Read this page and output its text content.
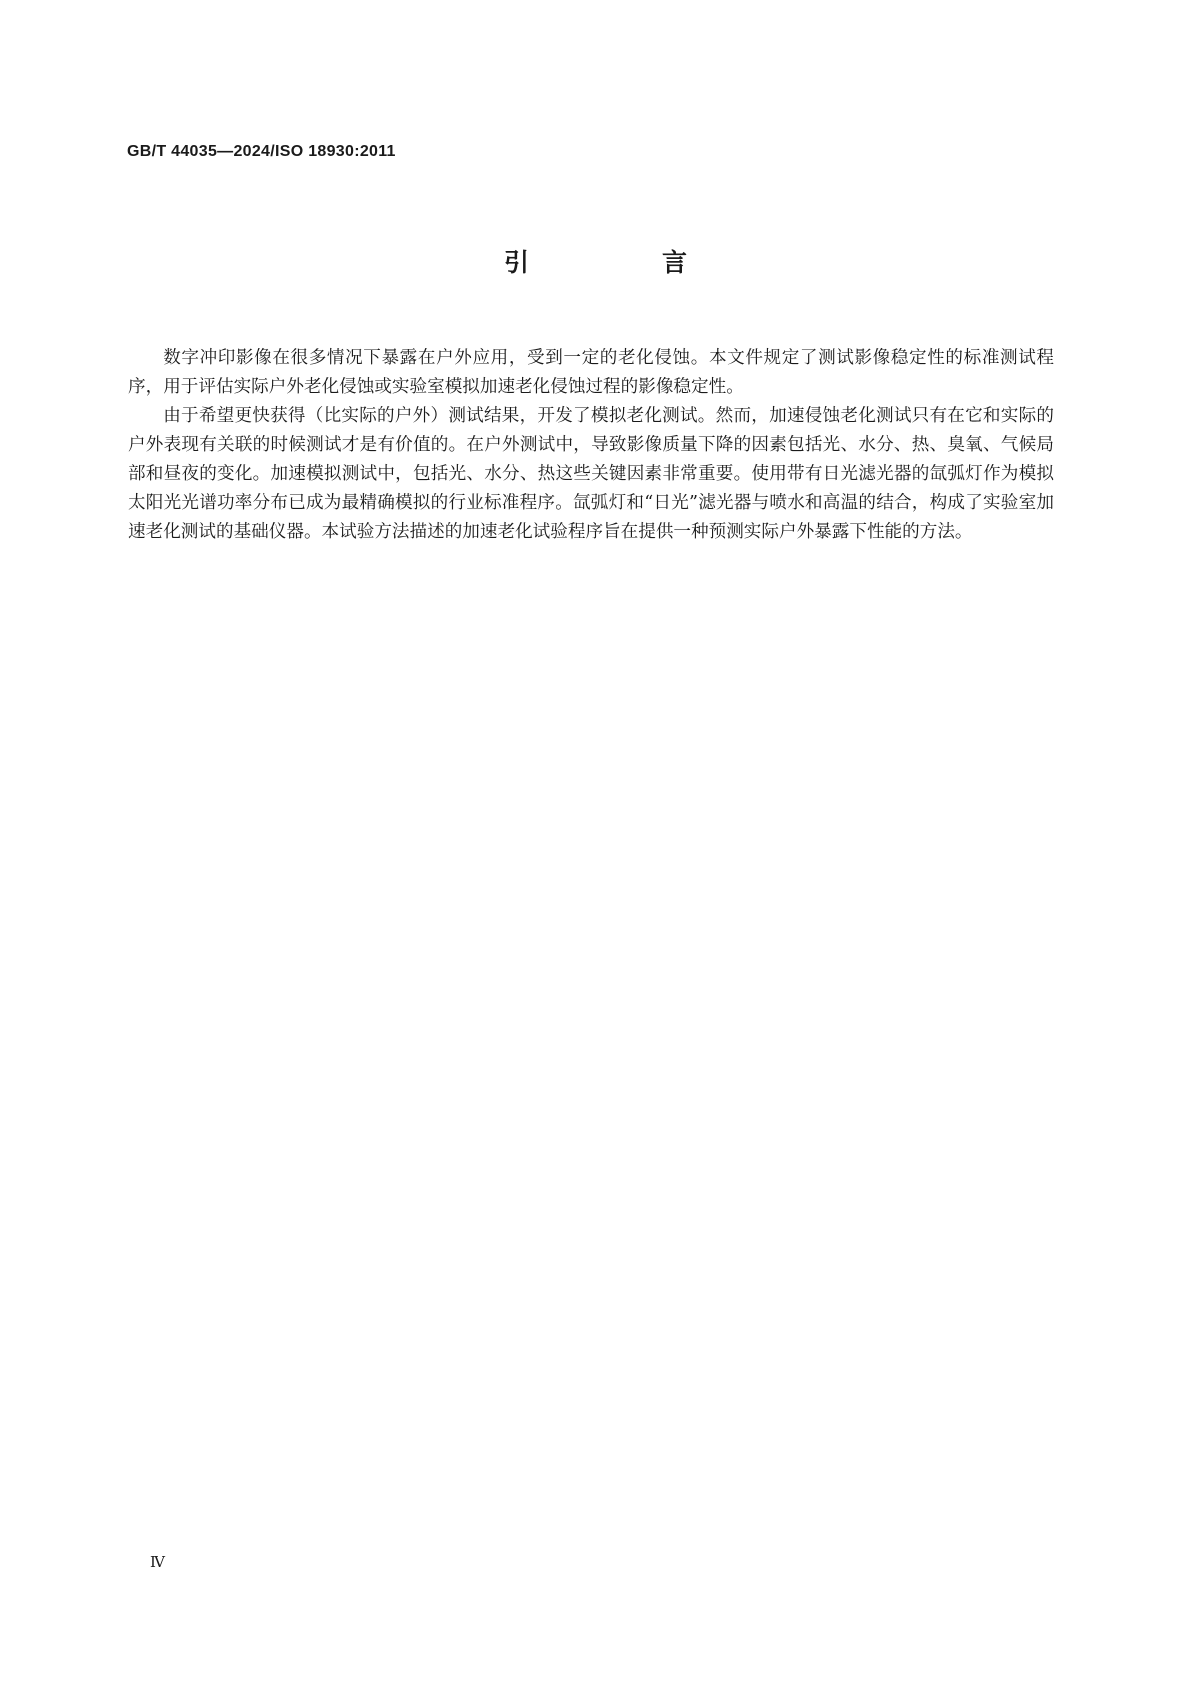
GB/T 44035—2024/ISO 18930:2011
引　言

数字冲印影像在很多情况下暴露在户外应用，受到一定的老化侵蚀。本文件规定了测试影像稳定性的标准测试程序，用于评估实际户外老化侵蚀或实验室模拟加速老化侵蚀过程的影像稳定性。

由于希望更快获得（比实际的户外）测试结果，开发了模拟老化测试。然而，加速侵蚀老化测试只有在它和实际的户外表现有关联的时候测试才是有价值的。在户外测试中，导致影像质量下降的因素包括光、水分、热、臭氧、气候局部和昼夜的变化。加速模拟测试中，包括光、水分、热这些关键因素非常重要。使用带有日光滤光器的氙弧灯作为模拟太阳光光谱功率分布已成为最精确模拟的行业标准程序。氙弧灯和“日光”滤光器与喷水和高温的结合，构成了实验室加速老化测试的基础仪器。本试验方法描述的加速老化试验程序旨在提供一种预测实际户外暴露下性能的方法。

Ⅳ
